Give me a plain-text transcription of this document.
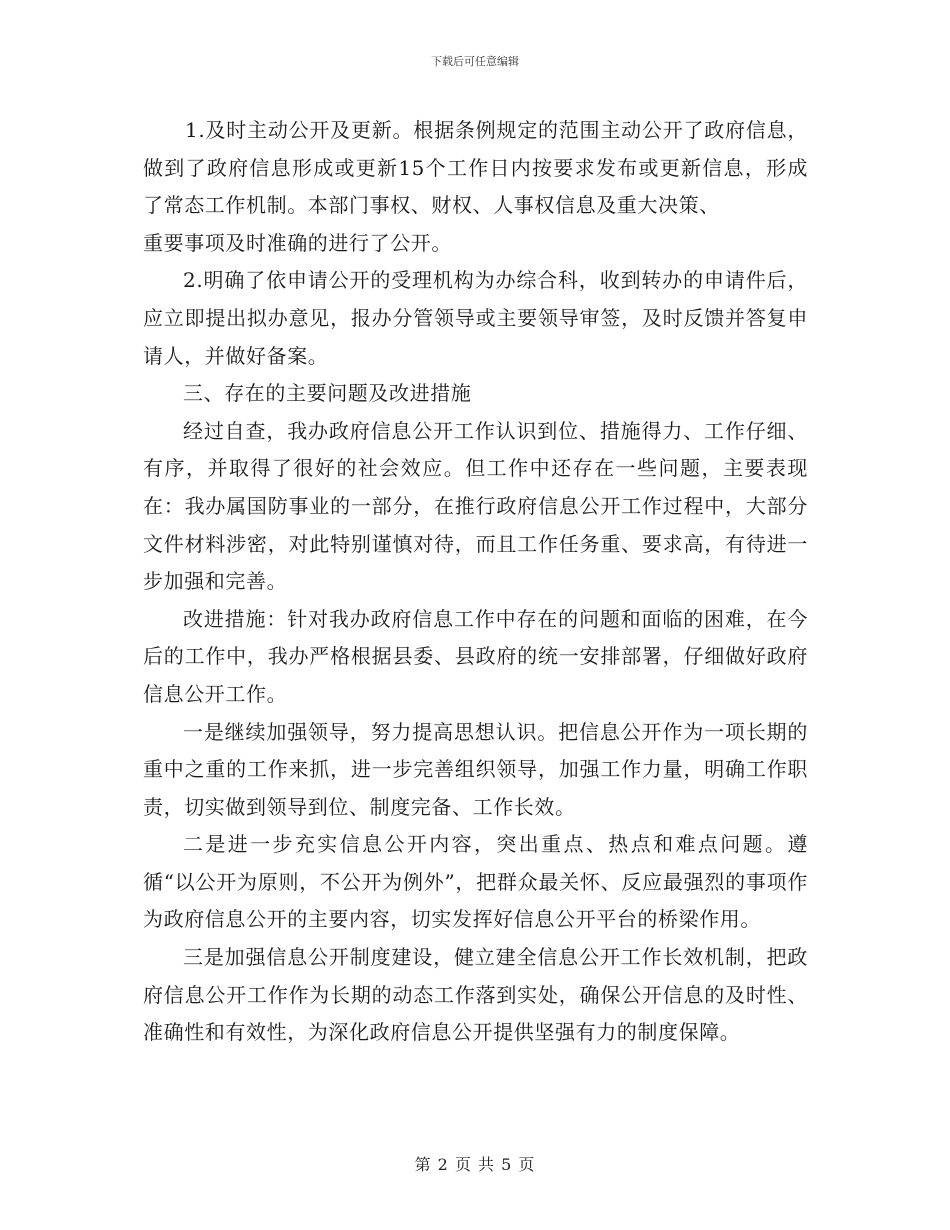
下载后可任意编辑

1.及时主动公开及更新。根据条例规定的范围主动公开了政府信息，做到了政府信息形成或更新15个工作日内按要求发布或更新信息，形成了常态工作机制。本部门事权、财权、人事权信息及重大决策、
重要事项及时准确的进行了公开。

2.明确了依申请公开的受理机构为办综合科，收到转办的申请件后，应立即提出拟办意见，报办分管领导或主要领导审签，及时反馈并答复申请人，并做好备案。

三、存在的主要问题及改进措施

经过自查，我办政府信息公开工作认识到位、措施得力、工作仔细、有序，并取得了很好的社会效应。但工作中还存在一些问题，主要表现在：我办属国防事业的一部分，在推行政府信息公开工作过程中，大部分文件材料涉密，对此特别谨慎对待，而且工作任务重、要求高，有待进一步加强和完善。

改进措施：针对我办政府信息工作中存在的问题和面临的困难，在今后的工作中，我办严格根据县委、县政府的统一安排部署，仔细做好政府信息公开工作。

一是继续加强领导，努力提高思想认识。把信息公开作为一项长期的重中之重的工作来抓，进一步完善组织领导，加强工作力量，明确工作职责，切实做到领导到位、制度完备、工作长效。

二是进一步充实信息公开内容，突出重点、热点和难点问题。遵循“以公开为原则，不公开为例外”，把群众最关怀、反应最强烈的事项作为政府信息公开的主要内容，切实发挥好信息公开平台的桥梁作用。

三是加强信息公开制度建设，健立建全信息公开工作长效机制，把政府信息公开工作作为长期的动态工作落到实处，确保公开信息的及时性、准确性和有效性，为深化政府信息公开提供坚强有力的制度保障。

第 2 页 共 5 页
